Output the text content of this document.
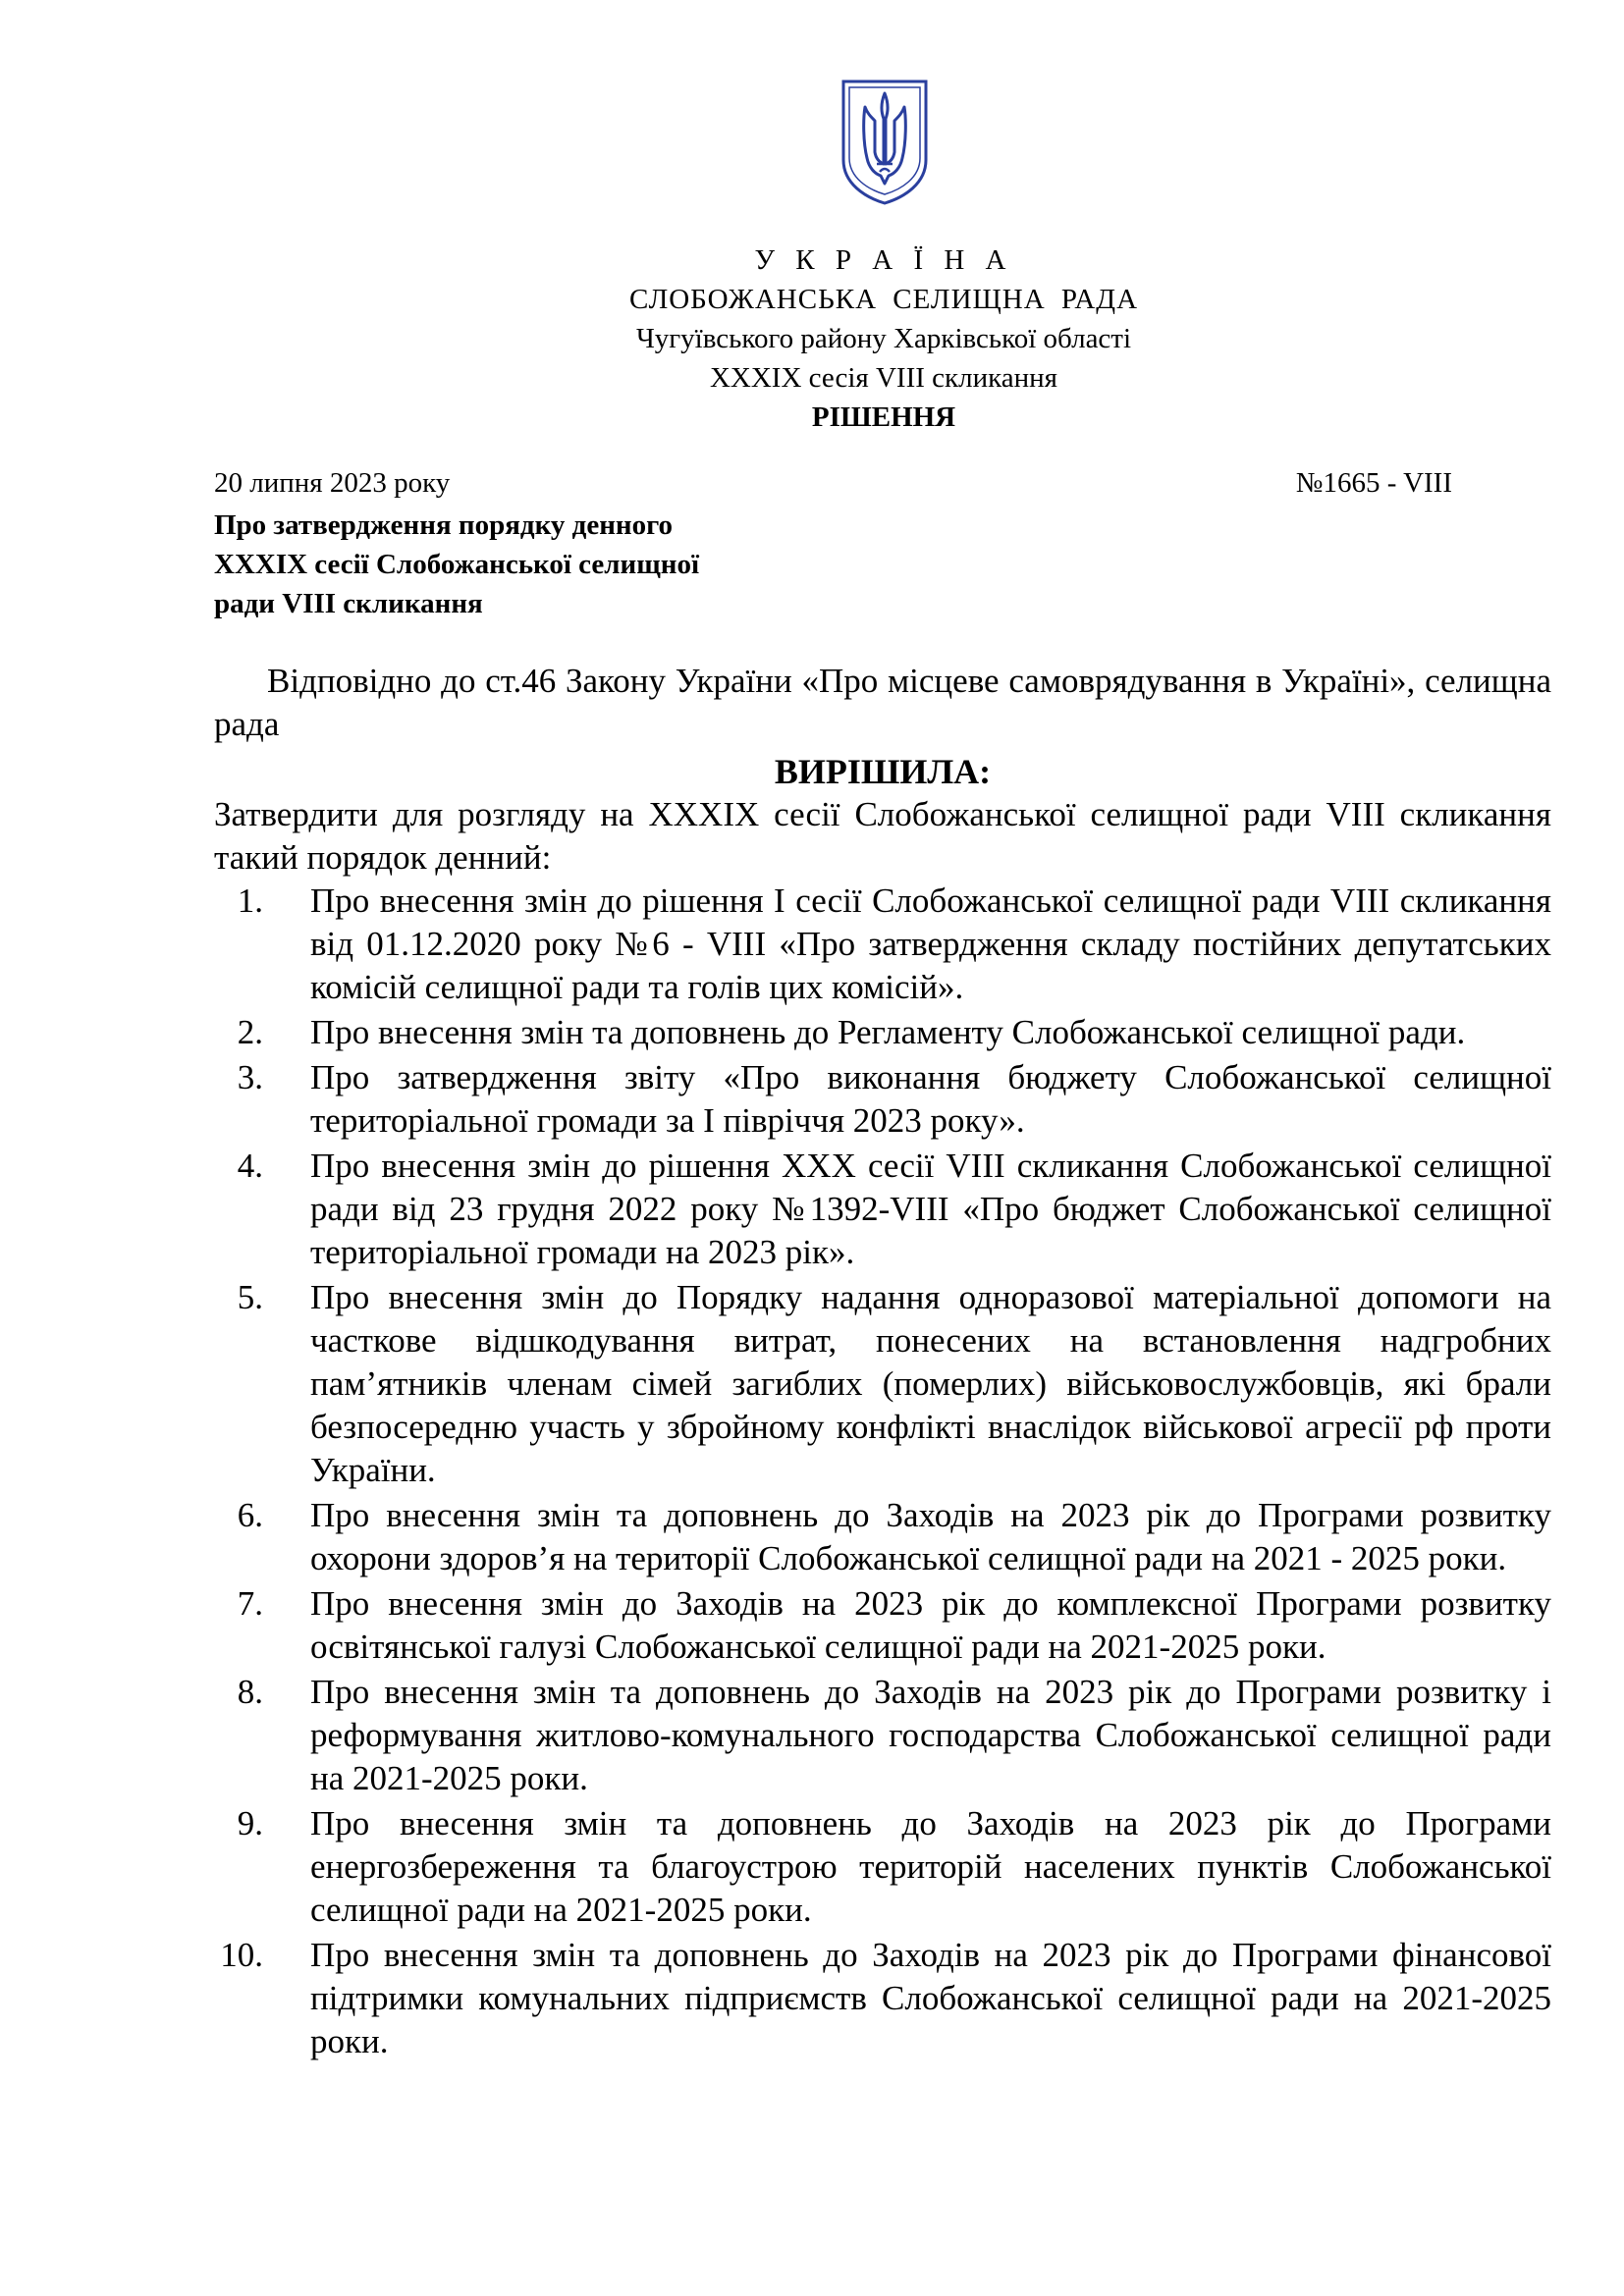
У К Р А Ї Н А
СЛОБОЖАНСЬКА СЕЛИЩНА РАДА
Чугуївського району Харківської області
XXXIX сесія VIII скликання
РІШЕННЯ
20 липня 2023 року	№1665 - VIII
Про затвердження порядку денного
XXXIX сесії Слобожанської селищної
ради VIII скликання
Відповідно до ст.46 Закону України «Про місцеве самоврядування в Україні», селищна рада
ВИРІШИЛА:
Затвердити для розгляду на XXXIX сесії Слобожанської селищної ради VIII скликання такий порядок денний:
1. Про внесення змін до рішення I сесії Слобожанської селищної ради VIII скликання від 01.12.2020 року №6 - VIII «Про затвердження складу постійних депутатських комісій селищної ради та голів цих комісій».
2. Про внесення змін та доповнень до Регламенту Слобожанської селищної ради.
3. Про затвердження звіту «Про виконання бюджету Слобожанської селищної територіальної громади за I півріччя 2023 року».
4. Про внесення змін до рішення XXX сесії VIII скликання Слобожанської селищної ради від 23 грудня 2022 року №1392-VIII «Про бюджет Слобожанської селищної територіальної громади на 2023 рік».
5. Про внесення змін до Порядку надання одноразової матеріальної допомоги на часткове відшкодування витрат, понесених на встановлення надгробних пам’ятників членам сімей загиблих (померлих) військовослужбовців, які брали безпосередню участь у збройному конфлікті внаслідок військової агресії рф проти України.
6. Про внесення змін та доповнень до Заходів на 2023 рік до Програми розвитку охорони здоров’я на території Слобожанської селищної ради на 2021 - 2025 роки.
7. Про внесення змін до Заходів на 2023 рік до комплексної Програми розвитку освітянської галузі Слобожанської селищної ради на 2021-2025 роки.
8. Про внесення змін та доповнень до Заходів на 2023 рік до Програми розвитку і реформування житлово-комунального господарства Слобожанської селищної ради на 2021-2025 роки.
9. Про внесення змін та доповнень до Заходів на 2023 рік до Програми енергозбереження та благоустрою територій населених пунктів Слобожанської селищної ради на 2021-2025 роки.
10. Про внесення змін та доповнень до Заходів на 2023 рік до Програми фінансової підтримки комунальних підприємств Слобожанської селищної ради на 2021-2025 роки.
